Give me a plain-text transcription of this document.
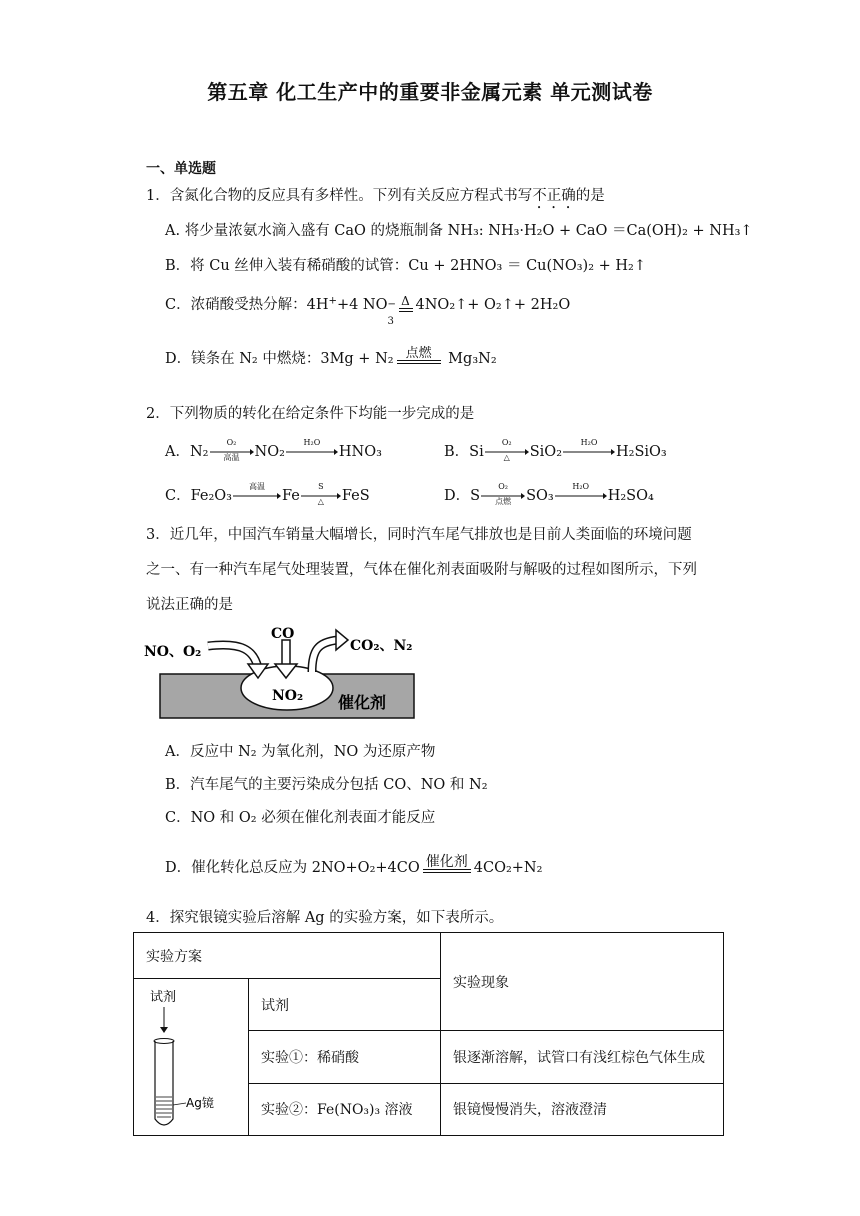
第五章 化工生产中的重要非金属元素 单元测试卷
一、单选题
1．含氮化合物的反应具有多样性。下列有关反应方程式书写不正确的是
A. 将少量浓氨水滴入盛有 CaO 的烧瓶制备 NH₃: NH₃·H₂O + CaO ＝Ca(OH)₂ + NH₃↑
B．将 Cu 丝伸入装有稀硝酸的试管：Cu + 2HNO₃ ＝ Cu(NO₃)₂ + H₂↑
C．浓硝酸受热分解：4H++4 NO −
3
Δ 4NO₂↑+ O₂↑+ 2H₂O
D．镁条在 N₂ 中燃烧：3Mg + N₂ 点燃 Mg₃N₂
2．下列物质的转化在给定条件下均能一步完成的是
A．N₂
O₂
高温	NO₂
H₂O
HNO₃	B．Si
O₂
△	SiO₂
H₂O
H₂SiO₃
C．Fe₂O₃
高温
Fe
S
△	FeS	D．S
O₂
点燃	SO₃
H₂O
H₂SO₄
3．近几年，中国汽车销量大幅增长，同时汽车尾气排放也是目前人类面临的环境问题
之一、有一种汽车尾气处理装置，气体在催化剂表面吸附与解吸的过程如图所示，下列
说法正确的是
NO、O₂
CO
CO₂、N₂
NO₂ 催化剂
A．反应中 N₂ 为氧化剂，NO 为还原产物
B．汽车尾气的主要污染成分包括 CO、NO 和 N₂
C．NO 和 O₂ 必须在催化剂表面才能反应
D．催化转化总反应为 2NO+O₂+4CO 催化剂 4CO₂+N₂
4．探究银镜实验后溶解 Ag 的实验方案，如下表所示。
实验方案		实验现象

试剂
Ag镜	试剂	
	实验①：稀硝酸	银逐渐溶解，试管口有浅红棕色气体生成
	实验②：Fe(NO₃)₃ 溶液	银镜慢慢消失，溶液澄清
